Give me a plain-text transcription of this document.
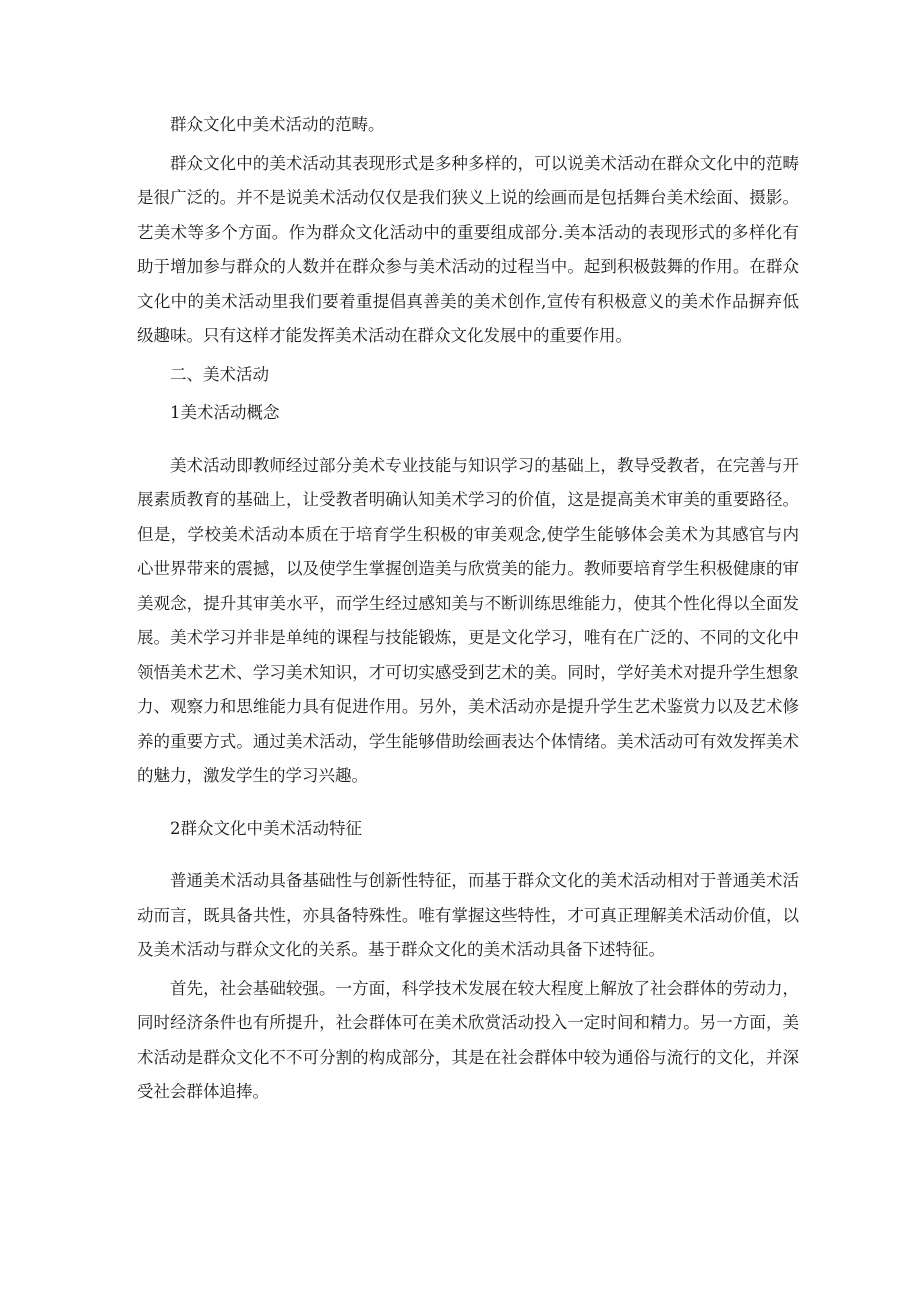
群众文化中美术活动的范畴。

群众文化中的美术活动其表现形式是多种多样的，可以说美术活动在群众文化中的范畴是很广泛的。并不是说美术活动仅仅是我们狭义上说的绘画而是包括舞台美术绘面、摄影。艺美术等多个方面。作为群众文化活动中的重要组成部分.美本活动的表现形式的多样化有助于增加参与群众的人数并在群众参与美术活动的过程当中。起到积极鼓舞的作用。在群众文化中的美术活动里我们要着重提倡真善美的美术创作,宣传有积极意义的美术作品摒弃低级趣味。只有这样才能发挥美术活动在群众文化发展中的重要作用。

二、美术活动

1美术活动概念

美术活动即教师经过部分美术专业技能与知识学习的基础上，教导受教者，在完善与开展素质教育的基础上，让受教者明确认知美术学习的价值，这是提高美术审美的重要路径。但是，学校美术活动本质在于培育学生积极的审美观念,使学生能够体会美术为其感官与内心世界带来的震撼，以及使学生掌握创造美与欣赏美的能力。教师要培育学生积极健康的审美观念，提升其审美水平，而学生经过感知美与不断训练思维能力，使其个性化得以全面发展。美术学习并非是单纯的课程与技能锻炼，更是文化学习，唯有在广泛的、不同的文化中领悟美术艺术、学习美术知识，才可切实感受到艺术的美。同时，学好美术对提升学生想象力、观察力和思维能力具有促进作用。另外，美术活动亦是提升学生艺术鉴赏力以及艺术修养的重要方式。通过美术活动，学生能够借助绘画表达个体情绪。美术活动可有效发挥美术的魅力，激发学生的学习兴趣。

2群众文化中美术活动特征

普通美术活动具备基础性与创新性特征，而基于群众文化的美术活动相对于普通美术活动而言，既具备共性，亦具备特殊性。唯有掌握这些特性，才可真正理解美术活动价值，以及美术活动与群众文化的关系。基于群众文化的美术活动具备下述特征。

首先，社会基础较强。一方面，科学技术发展在较大程度上解放了社会群体的劳动力，同时经济条件也有所提升，社会群体可在美术欣赏活动投入一定时间和精力。另一方面，美术活动是群众文化不不可分割的构成部分，其是在社会群体中较为通俗与流行的文化，并深受社会群体追捧。
